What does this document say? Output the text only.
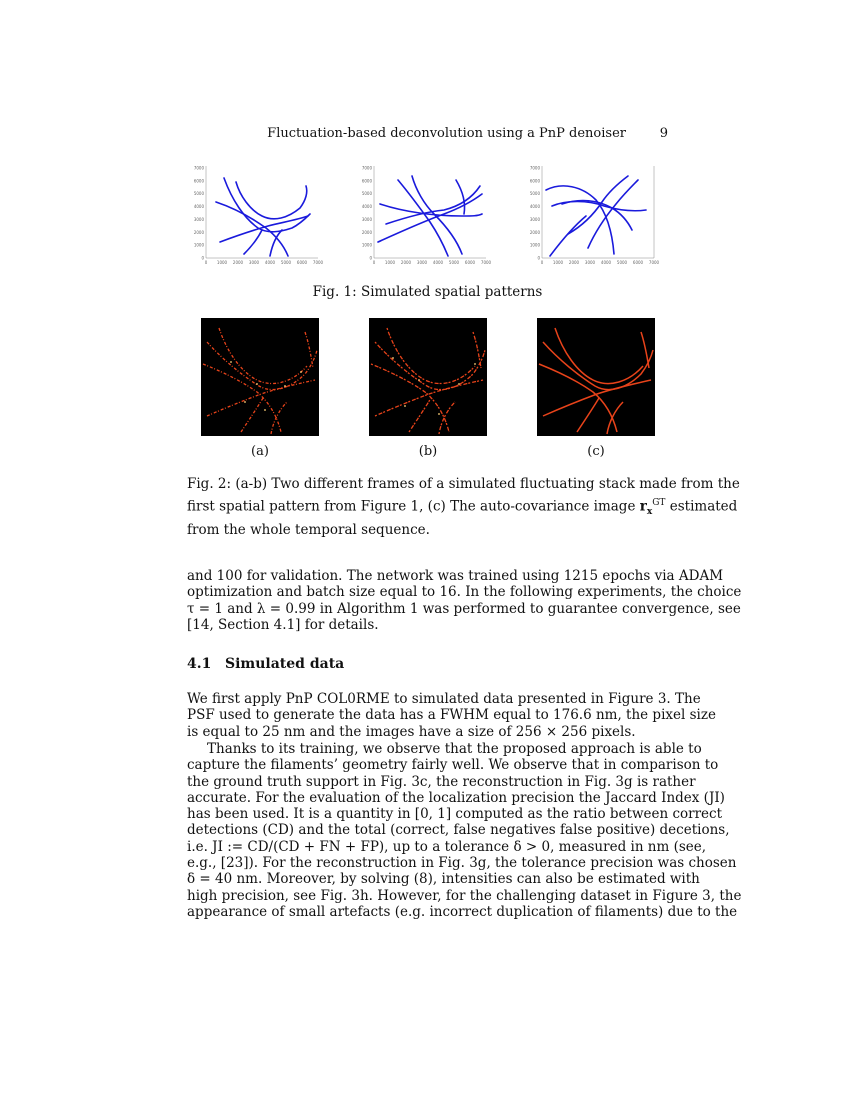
Fluctuation-based deconvolution using a PnP denoiser	9
7000
6000
5000
4000
3000
2000
1000
0
0 1000 2000 3000 4000 5000 6000 7000
7000
6000
5000
4000
3000
2000
1000
0
0 1000 2000 3000 4000 5000 6000 7000
7000
6000
5000
4000
3000
2000
1000
0
0 1000 2000 3000 4000 5000 6000 7000
Fig. 1: Simulated spatial patterns
(a)	(b)	(c)
Fig. 2: (a-b) Two different frames of a simulated fluctuating stack made from the
first spatial pattern from Figure 1, (c) The auto-covariance image $r_x^{GT}$ estimated
from the whole temporal sequence.
and 100 for validation. The network was trained using 1215 epochs via ADAM
optimization and batch size equal to 16. In the following experiments, the choice
τ = 1 and λ = 0.99 in Algorithm 1 was performed to guarantee convergence, see
[14, Section 4.1] for details.
4.1 Simulated data
We first apply PnP COL0RME to simulated data presented in Figure 3. The
PSF used to generate the data has a FWHM equal to 176.6 nm, the pixel size
is equal to 25 nm and the images have a size of 256 × 256 pixels.
Thanks to its training, we observe that the proposed approach is able to
capture the filaments’ geometry fairly well. We observe that in comparison to
the ground truth support in Fig. 3c, the reconstruction in Fig. 3g is rather
accurate. For the evaluation of the localization precision the Jaccard Index (JI)
has been used. It is a quantity in [0, 1] computed as the ratio between correct
detections (CD) and the total (correct, false negatives false positive) decetions,
i.e. JI := CD/(CD + FN + FP), up to a tolerance δ > 0, measured in nm (see,
e.g., [23]). For the reconstruction in Fig. 3g, the tolerance precision was chosen
δ = 40 nm. Moreover, by solving (8), intensities can also be estimated with
high precision, see Fig. 3h. However, for the challenging dataset in Figure 3, the
appearance of small artefacts (e.g. incorrect duplication of filaments) due to the
